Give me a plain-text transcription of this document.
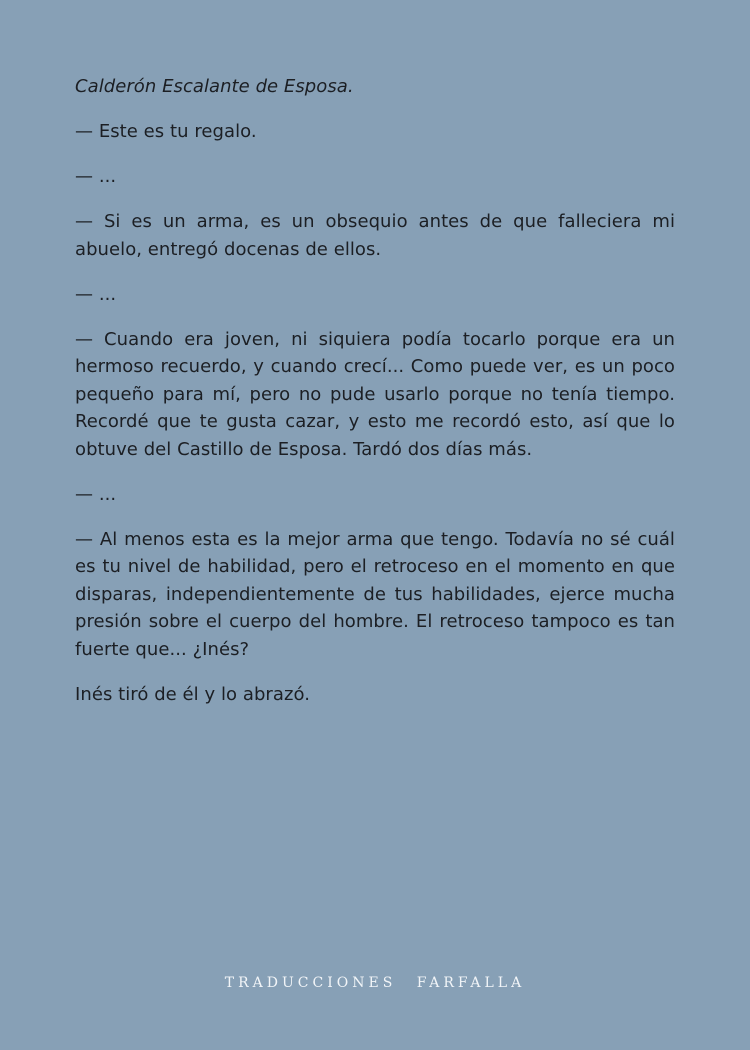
Calderón Escalante de Esposa.

— Este es tu regalo.

— ...

— Si es un arma, es un obsequio antes de que falleciera mi abuelo, entregó docenas de ellos.

— ...

— Cuando era joven, ni siquiera podía tocarlo porque era un hermoso recuerdo, y cuando crecí... Como puede ver, es un poco pequeño para mí, pero no pude usarlo porque no tenía tiempo. Recordé que te gusta cazar, y esto me recordó esto, así que lo obtuve del Castillo de Esposa. Tardó dos días más.

— ...

— Al menos esta es la mejor arma que tengo. Todavía no sé cuál es tu nivel de habilidad, pero el retroceso en el momento en que disparas, independientemente de tus habilidades, ejerce mucha presión sobre el cuerpo del hombre. El retroceso tampoco es tan fuerte que... ¿Inés?

Inés tiró de él y lo abrazó.

TRADUCCIONES FARFALLA
